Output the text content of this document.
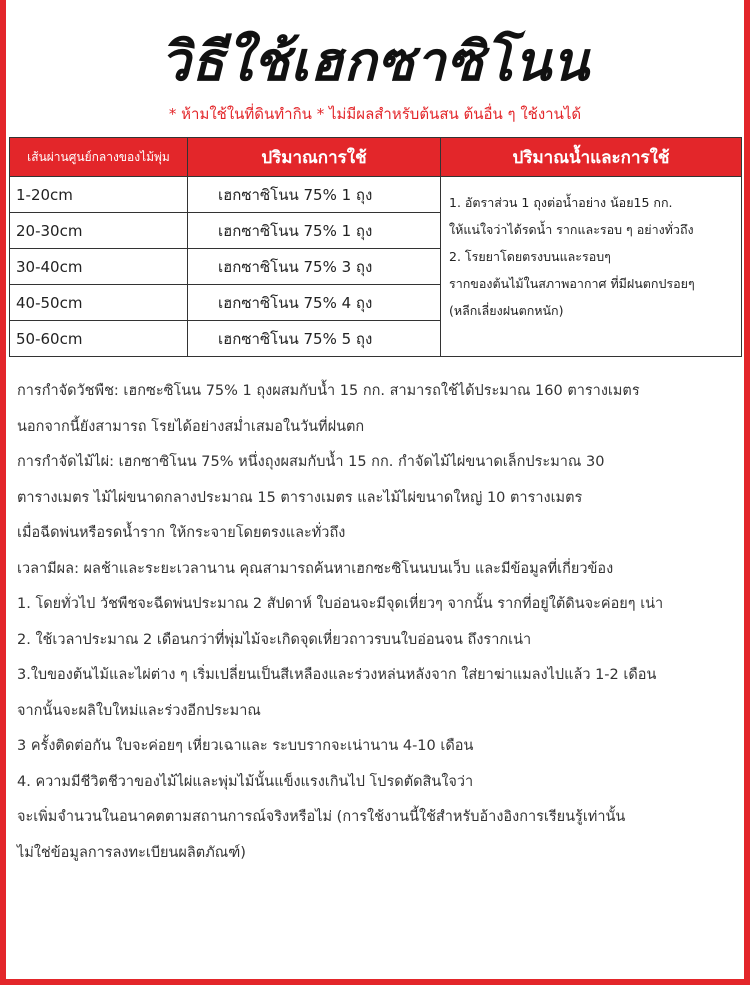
วิธีใช้เฮกซาซิโนน
* ห้ามใช้ในที่ดินทำกิน * ไม่มีผลสำหรับต้นสน ต้นอื่น ๆ ใช้งานได้
เส้นผ่านศูนย์กลางของไม้พุ่ม	ปริมาณการใช้	ปริมาณน้ำและการใช้
1-20cm	เฮกซาซิโนน 75% 1 ถุง	1. อัตราส่วน 1 ถุงต่อน้ำอย่าง น้อย15 กก.
ให้แน่ใจว่าได้รดน้ำ รากและรอบ ๆ อย่างทั่วถึง
2. โรยยาโดยตรงบนและรอบๆ
รากของต้นไม้ในสภาพอากาศ ที่มีฝนตกปรอยๆ
(หลีกเลี่ยงฝนตกหนัก)

20-30cm	เฮกซาซิโนน 75% 1 ถุง	
30-40cm	เฮกซาซิโนน 75% 3 ถุง	
40-50cm	เฮกซาซิโนน 75% 4 ถุง	
50-60cm	เฮกซาซิโนน 75% 5 ถุง	
การกำจัดวัชพืช: เฮกซะซิโนน 75% 1 ถุงผสมกับน้ำ 15 กก. สามารถใช้ได้ประมาณ 160 ตารางเมตร
นอกจากนี้ยังสามารถ โรยได้อย่างสม่ำเสมอในวันที่ฝนตก
การกำจัดไม้ไผ่: เฮกซาซิโนน 75% หนึ่งถุงผสมกับน้ำ 15 กก. กำจัดไม้ไผ่ขนาดเล็กประมาณ 30
ตารางเมตร ไม้ไผ่ขนาดกลางประมาณ 15 ตารางเมตร และไม้ไผ่ขนาดใหญ่ 10 ตารางเมตร
เมื่อฉีดพ่นหรือรดน้ำราก ให้กระจายโดยตรงและทั่วถึง
เวลามีผล: ผลช้าและระยะเวลานาน คุณสามารถค้นหาเฮกซะซิโนนบนเว็บ และมีข้อมูลที่เกี่ยวข้อง
1. โดยทั่วไป วัชพืชจะฉีดพ่นประมาณ 2 สัปดาห์ ใบอ่อนจะมีจุดเหี่ยวๆ จากนั้น รากที่อยู่ใต้ดินจะค่อยๆ เน่า
2. ใช้เวลาประมาณ 2 เดือนกว่าที่พุ่มไม้จะเกิดจุดเหี่ยวถาวรบนใบอ่อนจน ถึงรากเน่า
3.ใบของต้นไม้และไผ่ต่าง ๆ เริ่มเปลี่ยนเป็นสีเหลืองและร่วงหล่นหลังจาก ใส่ยาฆ่าแมลงไปแล้ว 1-2 เดือน
จากนั้นจะผลิใบใหม่และร่วงอีกประมาณ
3 ครั้งติดต่อกัน ใบจะค่อยๆ เหี่ยวเฉาและ ระบบรากจะเน่านาน 4-10 เดือน
4. ความมีชีวิตชีวาของไม้ไผ่และพุ่มไม้นั้นแข็งแรงเกินไป โปรดตัดสินใจว่า
จะเพิ่มจำนวนในอนาคตตามสถานการณ์จริงหรือไม่ (การใช้งานนี้ใช้สำหรับอ้างอิงการเรียนรู้เท่านั้น
ไม่ใช่ข้อมูลการลงทะเบียนผลิตภัณฑ์)
